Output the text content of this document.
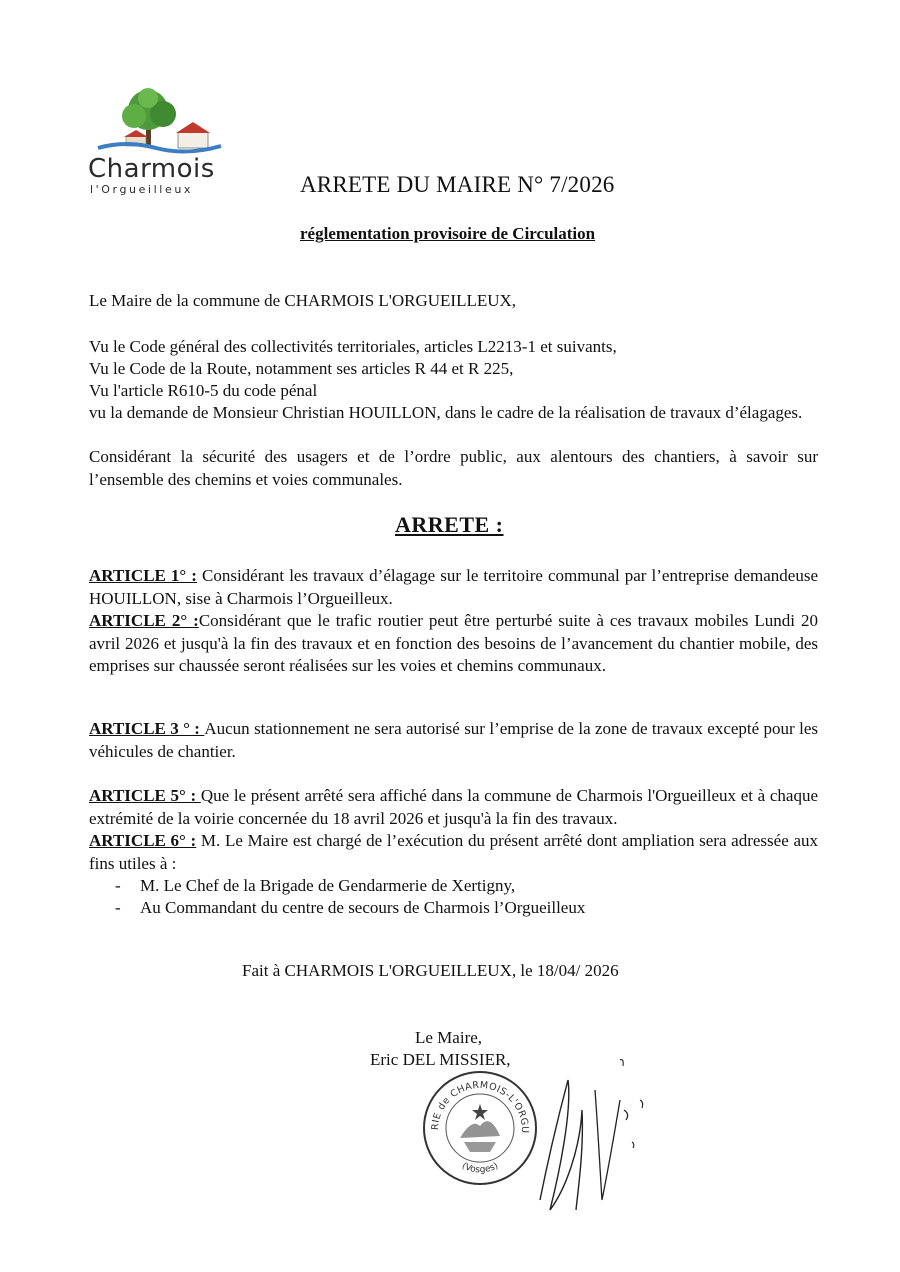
Charmois
l'Orgueilleux	ARRETE DU MAIRE N° 7/2026
réglementation provisoire de Circulation
Le Maire de la commune de CHARMOIS L'ORGUEILLEUX,
Vu le Code général des collectivités territoriales, articles L2213-1 et suivants,
Vu le Code de la Route, notamment ses articles R 44 et R 225,
Vu l'article R610-5 du code pénal
vu la demande de Monsieur Christian HOUILLON, dans le cadre de la réalisation de travaux d’élagages.
Considérant la sécurité des usagers et de l’ordre public, aux alentours des chantiers, à savoir sur l’ensemble des chemins et voies communales.
ARRETE :
ARTICLE 1° : Considérant les travaux d’élagage sur le territoire communal par l’entreprise demandeuse HOUILLON, sise à Charmois l’Orgueilleux.
ARTICLE 2° :Considérant que le trafic routier peut être perturbé suite à ces travaux mobiles Lundi 20 avril 2026 et jusqu'à la fin des travaux et en fonction des besoins de l’avancement du chantier mobile, des emprises sur chaussée seront réalisées sur les voies et chemins communaux.
ARTICLE 3 ° : Aucun stationnement ne sera autorisé sur l’emprise de la zone de travaux excepté pour les véhicules de chantier.
ARTICLE 5° : Que le présent arrêté sera affiché dans la commune de Charmois l'Orgueilleux et à chaque extrémité de la voirie concernée du 18 avril 2026 et jusqu'à la fin des travaux.
ARTICLE 6° : M. Le Maire est chargé de l’exécution du présent arrêté dont ampliation sera adressée aux fins utiles à :
- M. Le Chef de la Brigade de Gendarmerie de Xertigny,
- Au Commandant du centre de secours de Charmois l’Orgueilleux
Fait à CHARMOIS L'ORGUEILLEUX, le 18/04/ 2026
Le Maire,
Eric DEL MISSIER,
RIE de CHARMOIS-L'ORGU
(Vosges)
